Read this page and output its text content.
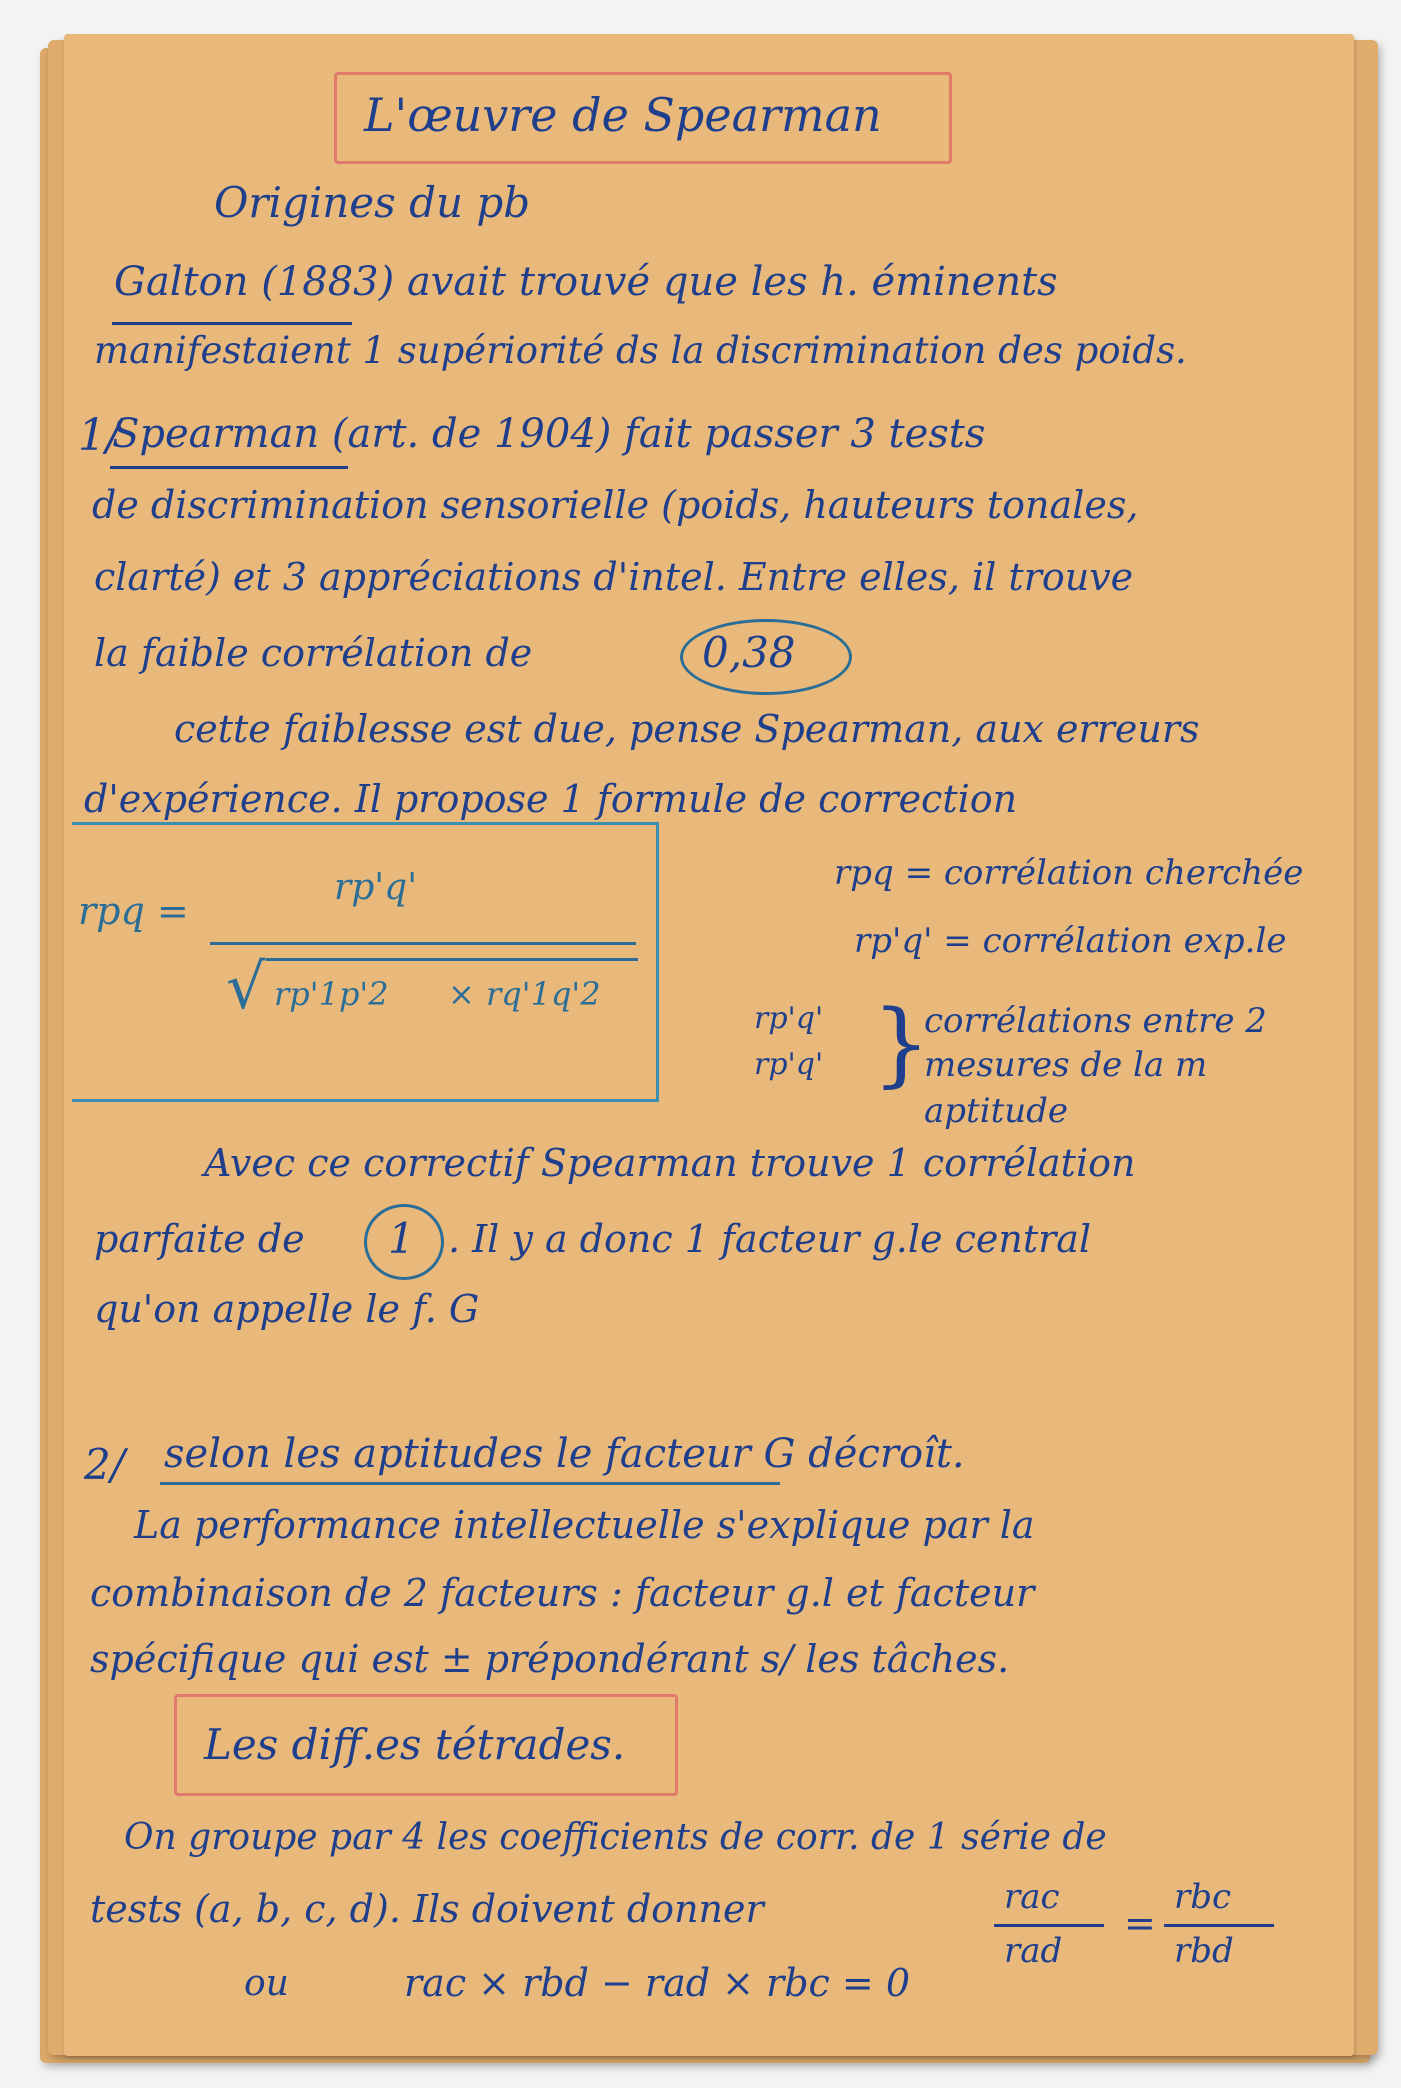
L'œuvre de Spearman
Origines du pb
Galton (1883) avait trouvé que les h. éminents
manifestaient 1 supériorité ds la discrimination des poids.
1/
Spearman (art. de 1904) fait passer 3 tests
de discrimination sensorielle (poids, hauteurs tonales,
clarté) et 3 appréciations d'intel. Entre elles, il trouve
la faible corrélation de	0,38
cette faiblesse est due, pense Spearman, aux erreurs
d'expérience. Il propose 1 formule de correction
rpq =
rp'q'
√ rp'1p'2 × rq'1q'2
rpq = corrélation cherchée
rp'q' = corrélation exp.le
rp'q'
rp'q' }
corrélations entre 2
mesures de la m
aptitude
Avec ce correctif Spearman trouve 1 corrélation
parfaite de 1 . Il y a donc 1 facteur g.le central
qu'on appelle le f. G
2/ selon les aptitudes le facteur G décroît.
La performance intellectuelle s'explique par la
combinaison de 2 facteurs : facteur g.l et facteur
spécifique qui est ± prépondérant s/ les tâches.
Les diff.es tétrades.
On groupe par 4 les coefficients de corr. de 1 série de
tests (a, b, c, d). Ils doivent donner	rac
rad
=
rbc
rbd
ou	rac × rbd − rad × rbc = 0
